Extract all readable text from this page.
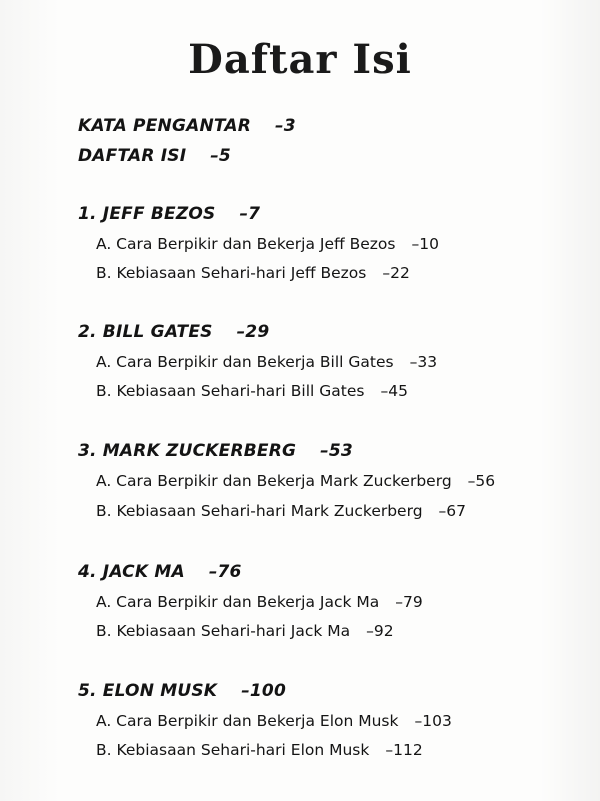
Daftar Isi
KATA PENGANTAR –3
DAFTAR ISI –5
1. JEFF BEZOS –7
A. Cara Berpikir dan Bekerja Jeff Bezos –10
B. Kebiasaan Sehari-hari Jeff Bezos –22
2. BILL GATES –29
A. Cara Berpikir dan Bekerja Bill Gates –33
B. Kebiasaan Sehari-hari Bill Gates –45
3. MARK ZUCKERBERG –53
A. Cara Berpikir dan Bekerja Mark Zuckerberg –56
B. Kebiasaan Sehari-hari Mark Zuckerberg –67
4. JACK MA –76
A. Cara Berpikir dan Bekerja Jack Ma –79
B. Kebiasaan Sehari-hari Jack Ma –92
5. ELON MUSK –100
A. Cara Berpikir dan Bekerja Elon Musk –103
B. Kebiasaan Sehari-hari Elon Musk –112
